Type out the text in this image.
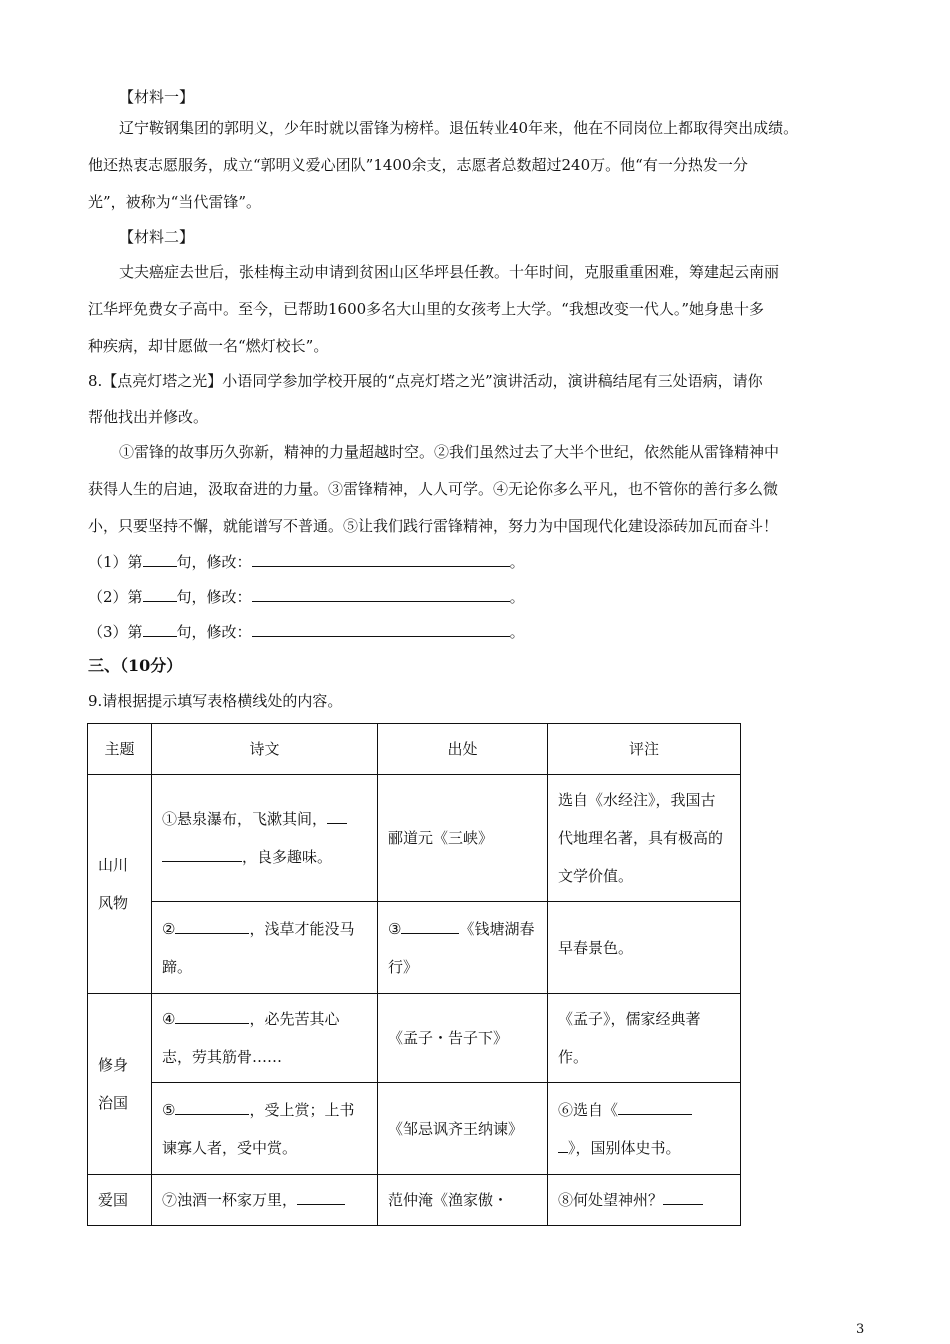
【材料一】
辽宁鞍钢集团的郭明义，少年时就以雷锋为榜样。退伍转业40年来，他在不同岗位上都取得突出成绩。
他还热衷志愿服务，成立“郭明义爱心团队”1400余支，志愿者总数超过240万。他“有一分热发一分
光”，被称为“当代雷锋”。
【材料二】
丈夫癌症去世后，张桂梅主动申请到贫困山区华坪县任教。十年时间，克服重重困难，筹建起云南丽
江华坪免费女子高中。至今，已帮助1600多名大山里的女孩考上大学。“我想改变一代人。”她身患十多
种疾病，却甘愿做一名“燃灯校长”。
8.【点亮灯塔之光】小语同学参加学校开展的“点亮灯塔之光”演讲活动，演讲稿结尾有三处语病，请你
帮他找出并修改。
①雷锋的故事历久弥新，精神的力量超越时空。②我们虽然过去了大半个世纪，依然能从雷锋精神中
获得人生的启迪，汲取奋进的力量。③雷锋精神，人人可学。④无论你多么平凡，也不管你的善行多么微
小，只要坚持不懈，就能谱写不普通。⑤让我们践行雷锋精神，努力为中国现代化建设添砖加瓦而奋斗！
（1）第 句，修改：	。
（2）第 句，修改：	。
（3）第 句，修改：	。
三、（10分）
9.请根据提示填写表格横线处的内容。
主题	诗文	出处	评注
山川
风物	①悬泉瀑布，飞漱其间，
，良多趣味。	郦道元《三峡》	选自《水经注》，我国古代地理名著，具有极高的文学价值。
	② ，浅草才能没马蹄。	③ 《钱塘湖春行》	早春景色。
修身
治国	④ ，必先苦其心志，劳其筋骨……	《孟子・告子下》	《孟子》，儒家经典著作。
	⑤ ，受上赏；上书谏寡人者，受中赏。	《邹忌讽齐王纳谏》	⑥选自《
》，国别体史书。
爱国	⑦浊酒一杯家万里，	范仲淹《渔家傲・	⑧何处望神州？
3
